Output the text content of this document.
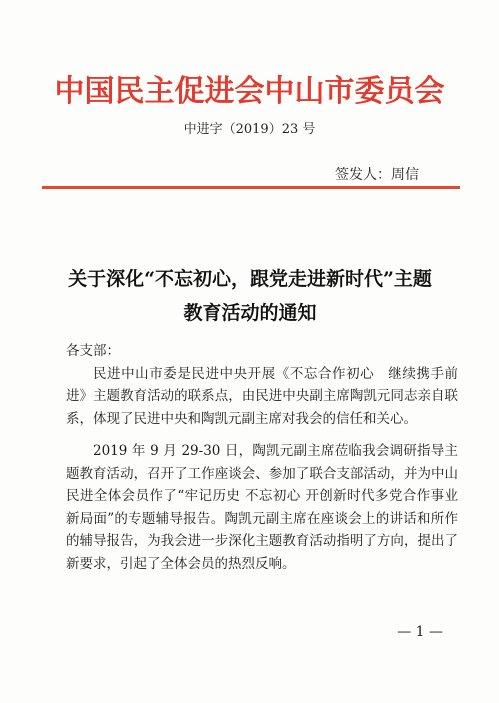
中国民主促进会中山市委员会
中进字（2019）23 号
签发人：周信
关于深化“不忘初心，跟党走进新时代”主题
教育活动的通知

各支部：

民进中山市委是民进中央开展《不忘合作初心　继续携手前进》主题教育活动的联系点，由民进中央副主席陶凯元同志亲自联系，体现了民进中央和陶凯元副主席对我会的信任和关心。

2019 年 9 月 29-30 日，陶凯元副主席莅临我会调研指导主题教育活动，召开了工作座谈会、参加了联合支部活动，并为中山民进全体会员作了“牢记历史 不忘初心 开创新时代多党合作事业新局面”的专题辅导报告。陶凯元副主席在座谈会上的讲话和所作的辅导报告，为我会进一步深化主题教育活动指明了方向，提出了新要求，引起了全体会员的热烈反响。

— 1 —
